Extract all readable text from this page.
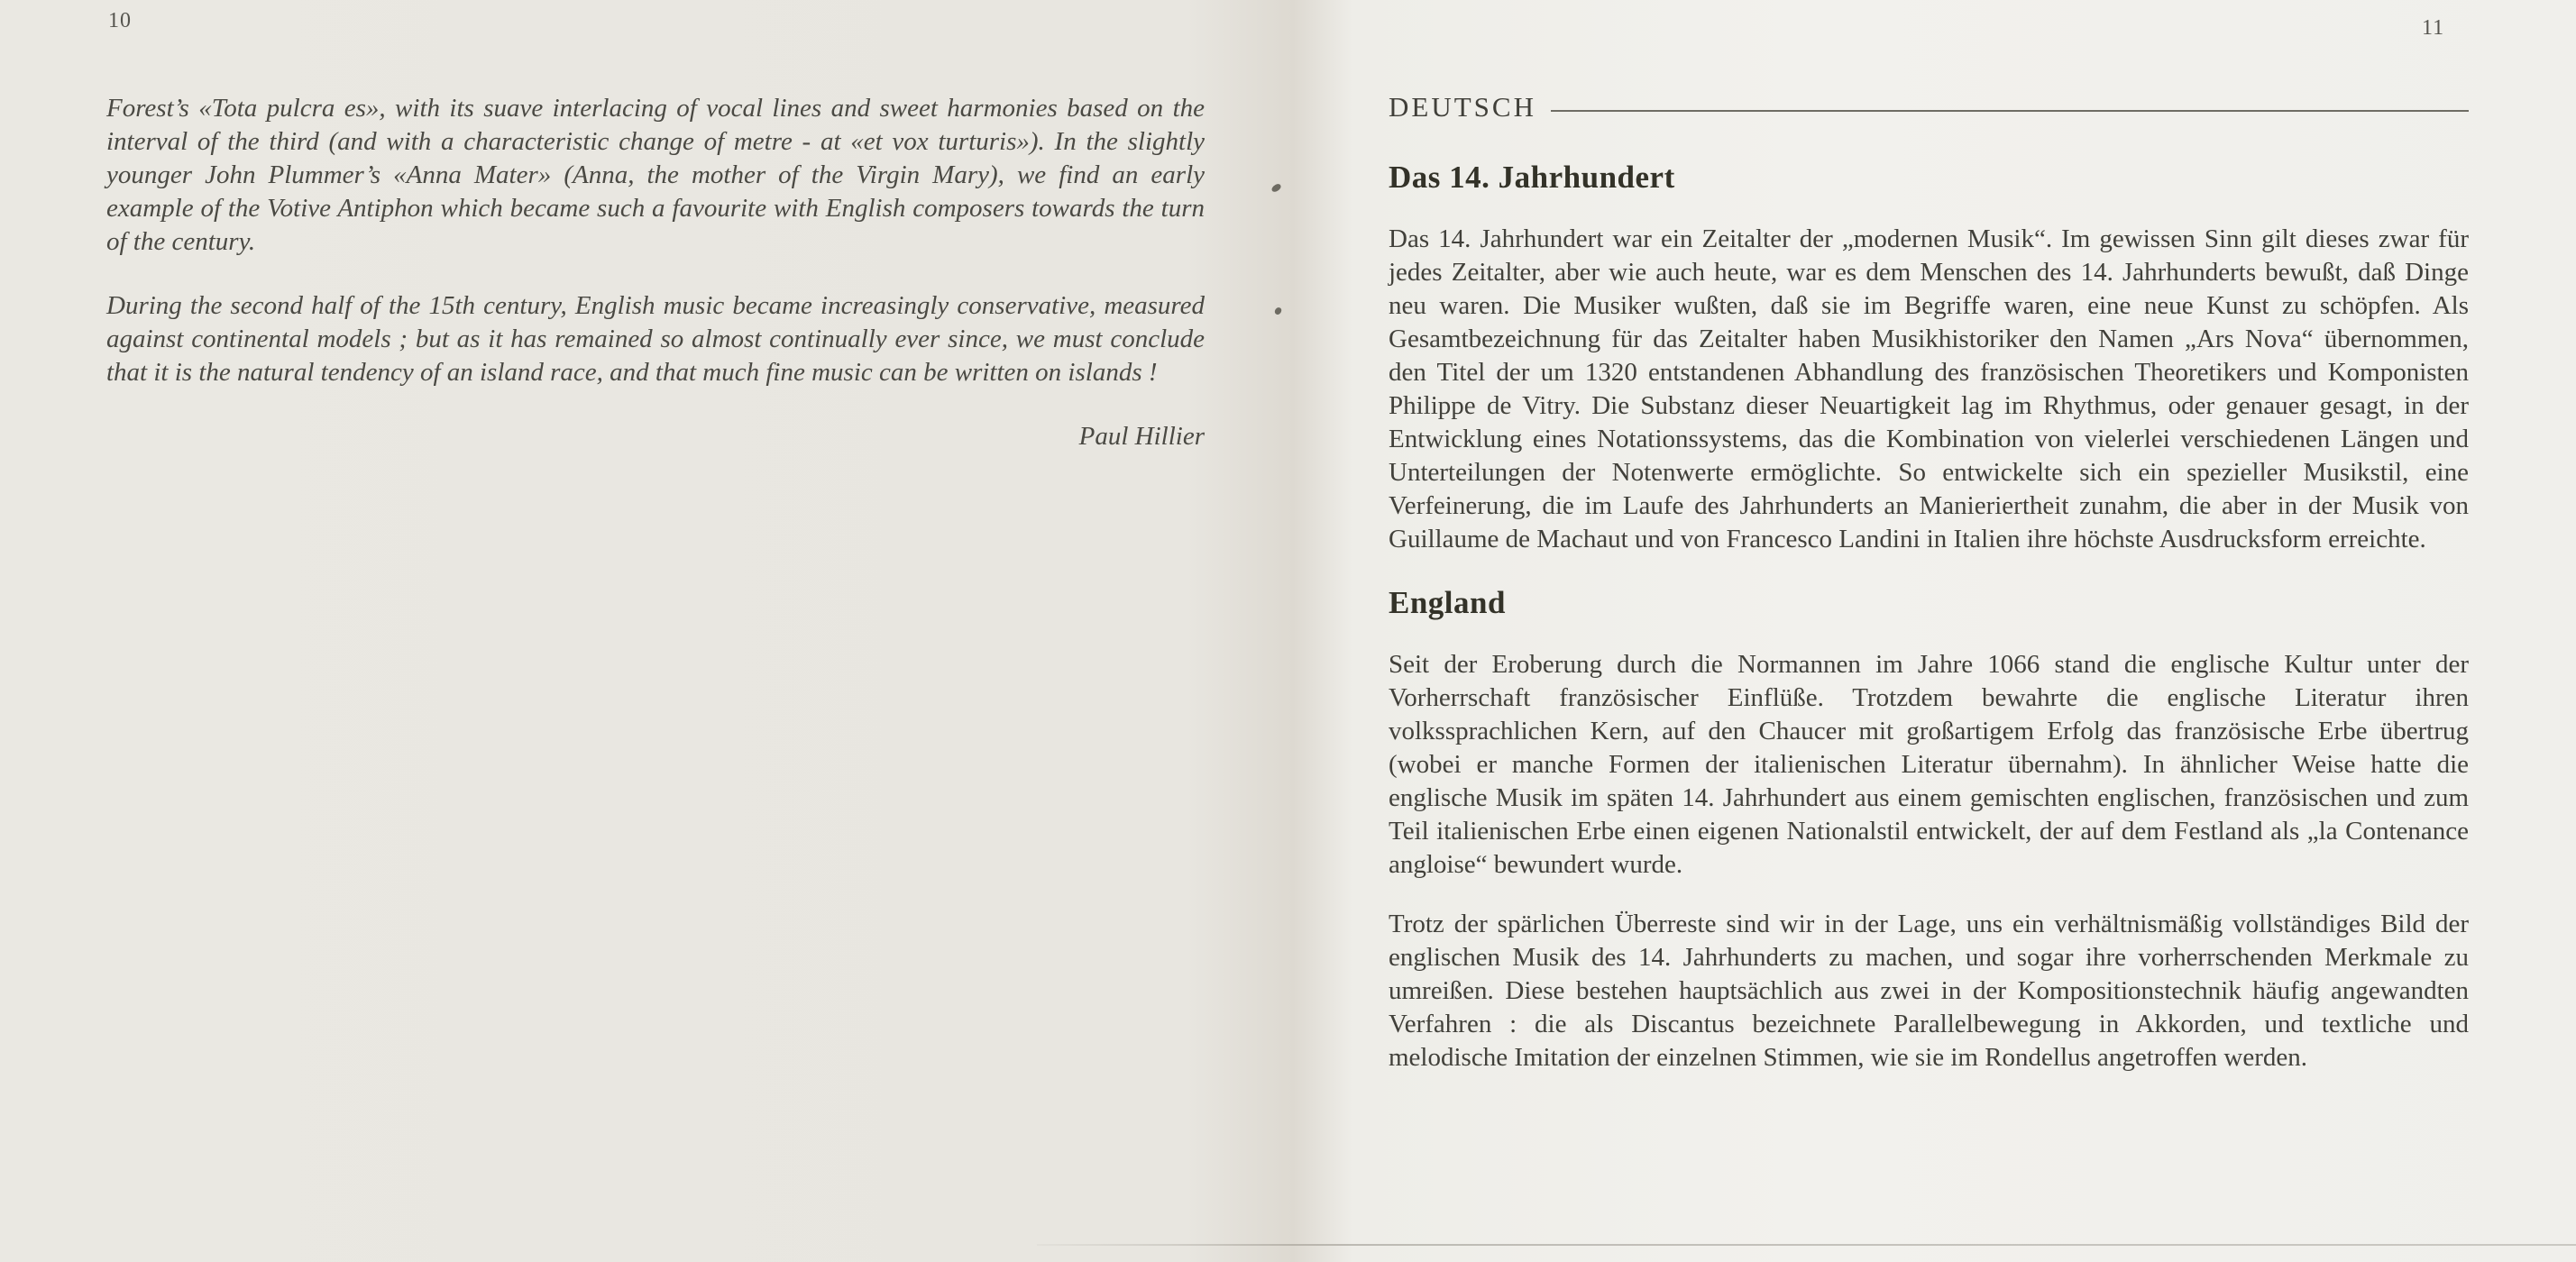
10

Forest’s «Tota pulcra es», with its suave interlacing of vocal lines and sweet harmonies based on the interval of the third (and with a characteristic change of metre - at «et vox turturis»). In the slightly younger John Plummer’s «Anna Mater» (Anna, the mother of the Virgin Mary), we find an early example of the Votive Antiphon which became such a favourite with English composers towards the turn of the century.

During the second half of the 15th century, English music became increasingly conservative, measured against continental models ; but as it has remained so almost continually ever since, we must conclude that it is the natural tendency of an island race, and that much fine music can be written on islands !

Paul Hillier
11
DEUTSCH
Das 14. Jahrhundert

Das 14. Jahrhundert war ein Zeitalter der „modernen Musik“. Im gewissen Sinn gilt dieses zwar für jedes Zeitalter, aber wie auch heute, war es dem Menschen des 14. Jahrhunderts bewußt, daß Dinge neu waren. Die Musiker wußten, daß sie im Begriffe waren, eine neue Kunst zu schöpfen. Als Gesamtbezeichnung für das Zeitalter haben Musikhistoriker den Namen „Ars Nova“ übernommen, den Titel der um 1320 entstandenen Abhandlung des französischen Theoretikers und Komponisten Philippe de Vitry. Die Substanz dieser Neuartigkeit lag im Rhythmus, oder genauer gesagt, in der Entwicklung eines Notationssystems, das die Kombination von vielerlei verschiedenen Längen und Unterteilungen der Notenwerte ermöglichte. So entwickelte sich ein spezieller Musikstil, eine Verfeinerung, die im Laufe des Jahrhunderts an Manieriertheit zunahm, die aber in der Musik von Guillaume de Machaut und von Francesco Landini in Italien ihre höchste Ausdrucksform erreichte.

England

Seit der Eroberung durch die Normannen im Jahre 1066 stand die englische Kultur unter der Vorherrschaft französischer Einflüße. Trotzdem bewahrte die englische Literatur ihren volkssprachlichen Kern, auf den Chaucer mit großartigem Erfolg das französische Erbe übertrug (wobei er manche Formen der italienischen Literatur übernahm). In ähnlicher Weise hatte die englische Musik im späten 14. Jahrhundert aus einem gemischten englischen, französischen und zum Teil italienischen Erbe einen eigenen Nationalstil entwickelt, der auf dem Festland als „la Contenance angloise“ bewundert wurde.

Trotz der spärlichen Überreste sind wir in der Lage, uns ein verhältnismäßig vollständiges Bild der englischen Musik des 14. Jahrhunderts zu machen, und sogar ihre vorherrschenden Merkmale zu umreißen. Diese bestehen hauptsächlich aus zwei in der Kompositionstechnik häufig angewandten Verfahren : die als Discantus bezeichnete Parallelbewegung in Akkorden, und textliche und melodische Imitation der einzelnen Stimmen, wie sie im Rondellus angetroffen werden.
